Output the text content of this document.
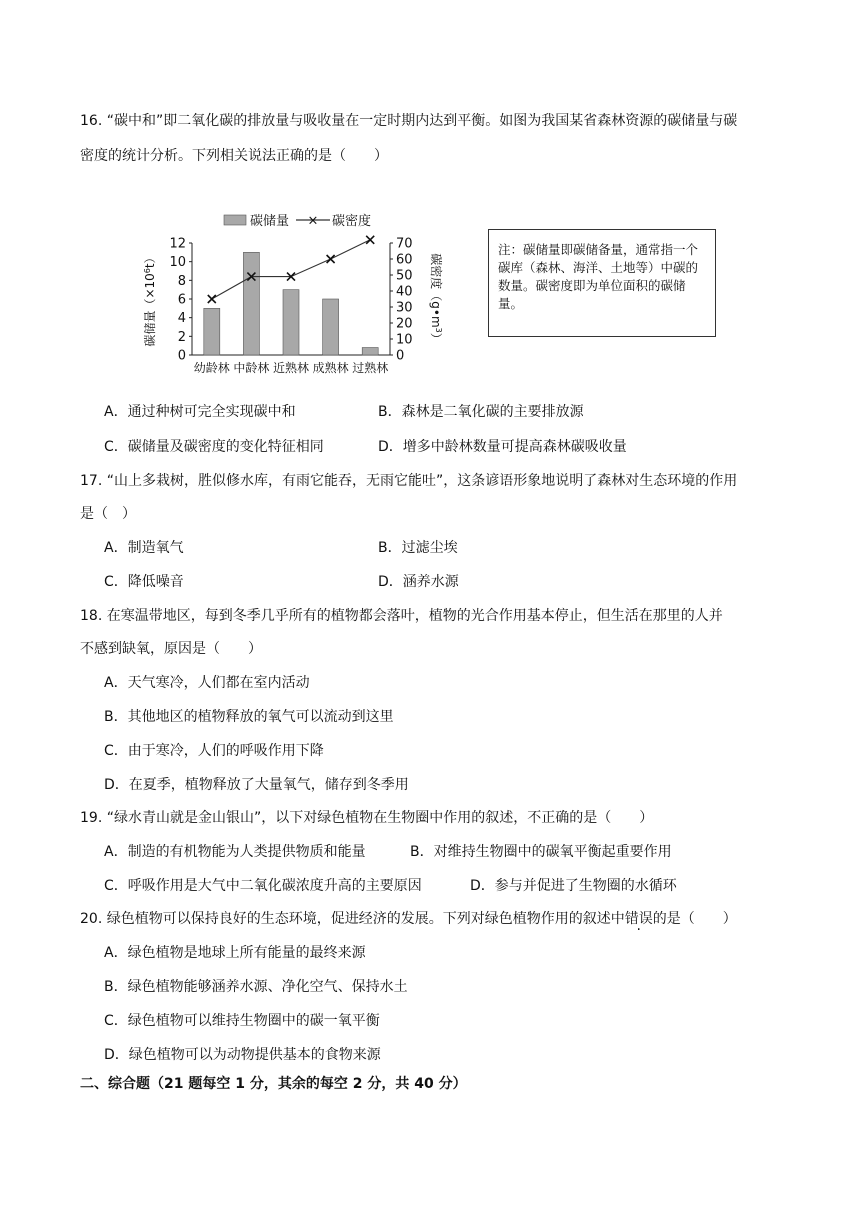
16. “碳中和”即二氧化碳的排放量与吸收量在一定时期内达到平衡。如图为我国某省森林资源的碳储量与碳
密度的统计分析。下列相关说法正确的是（　　）
碳储量 × 碳密度
0
2
4
6
8
10
12
0
10
20
30
40
50
60
70
幼龄林 中龄林 近熟林 成熟林 过熟林
碳储量$(\times 10^6t)$	碳密度$(g•m^3)$
注：碳储量即碳储备量，通常指一个碳库（森林、海洋、土地等）中碳的数量。碳密度即为单位面积的碳储量。
A．通过种树可完全实现碳中和	B．森林是二氧化碳的主要排放源
C．碳储量及碳密度的变化特征相同	D．增多中龄林数量可提高森林碳吸收量
17. “山上多栽树，胜似修水库，有雨它能吞，无雨它能吐”，这条谚语形象地说明了森林对生态环境的作用
是（　）
A．制造氧气	B．过滤尘埃
C．降低噪音	D．涵养水源
18. 在寒温带地区，每到冬季几乎所有的植物都会落叶，植物的光合作用基本停止，但生活在那里的人并
不感到缺氧，原因是（　　）
A．天气寒冷，人们都在室内活动
B．其他地区的植物释放的氧气可以流动到这里
C．由于寒冷，人们的呼吸作用下降
D．在夏季，植物释放了大量氧气，储存到冬季用
19. “绿水青山就是金山银山”，以下对绿色植物在生物圈中作用的叙述，不正确的是（　　）
A．制造的有机物能为人类提供物质和能量	B．对维持生物圈中的碳氧平衡起重要作用
C．呼吸作用是大气中二氧化碳浓度升高的主要原因	D．参与并促进了生物圈的水循环
20. 绿色植物可以保持良好的生态环境，促进经济的发展。下列对绿色植物作用的叙述中错误的是（　　）
A．绿色植物是地球上所有能量的最终来源
B．绿色植物能够涵养水源、净化空气、保持水土
C．绿色植物可以维持生物圈中的碳一氧平衡
D．绿色植物可以为动物提供基本的食物来源
二、综合题（21 题每空 1 分，其余的每空 2 分，共 40 分）
